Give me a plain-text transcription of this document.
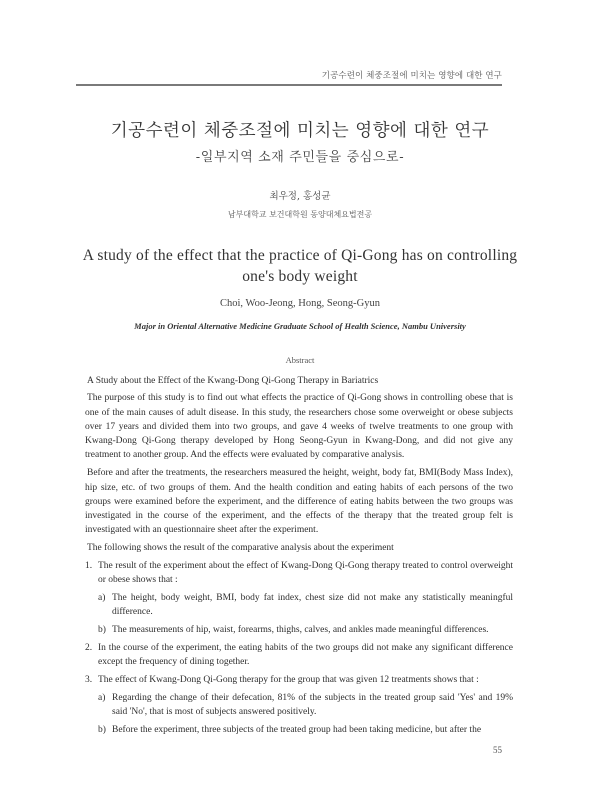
기공수련이 체중조절에 미치는 영향에 대한 연구
기공수련이 체중조절에 미치는 영향에 대한 연구
-일부지역 소재 주민들을 중심으로-
최우정, 홍성균
남부대학교 보건대학원 동양대체요법전공
A study of the effect that the practice of Qi-Gong has on controlling one's body weight
Choi, Woo-Jeong, Hong, Seong-Gyun
Major in Oriental Alternative Medicine Graduate School of Health Science, Nambu University
Abstract

A Study about the Effect of the Kwang-Dong Qi-Gong Therapy in Bariatrics

The purpose of this study is to find out what effects the practice of Qi-Gong shows in controlling obese that is one of the main causes of adult disease. In this study, the researchers chose some overweight or obese subjects over 17 years and divided them into two groups, and gave 4 weeks of twelve treatments to one group with Kwang-Dong Qi-Gong therapy developed by Hong Seong-Gyun in Kwang-Dong, and did not give any treatment to another group. And the effects were evaluated by comparative analysis.

Before and after the treatments, the researchers measured the height, weight, body fat, BMI(Body Mass Index), hip size, etc. of two groups of them. And the health condition and eating habits of each persons of the two groups were examined before the experiment, and the difference of eating habits between the two groups was investigated in the course of the experiment, and the effects of the therapy that the treated group felt is investigated with an questionnaire sheet after the experiment.

The following shows the result of the comparative analysis about the experiment

1. The result of the experiment about the effect of Kwang-Dong Qi-Gong therapy treated to control overweight or obese shows that :

a) The height, body weight, BMI, body fat index, chest size did not make any statistically meaningful difference.

b) The measurements of hip, waist, forearms, thighs, calves, and ankles made meaningful differences.

2. In the course of the experiment, the eating habits of the two groups did not make any significant difference except the frequency of dining together.

3. The effect of Kwang-Dong Qi-Gong therapy for the group that was given 12 treatments shows that :

a) Regarding the change of their defecation, 81% of the subjects in the treated group said 'Yes' and 19% said 'No', that is most of subjects answered positively.

b) Before the experiment, three subjects of the treated group had been taking medicine, but after the

55
